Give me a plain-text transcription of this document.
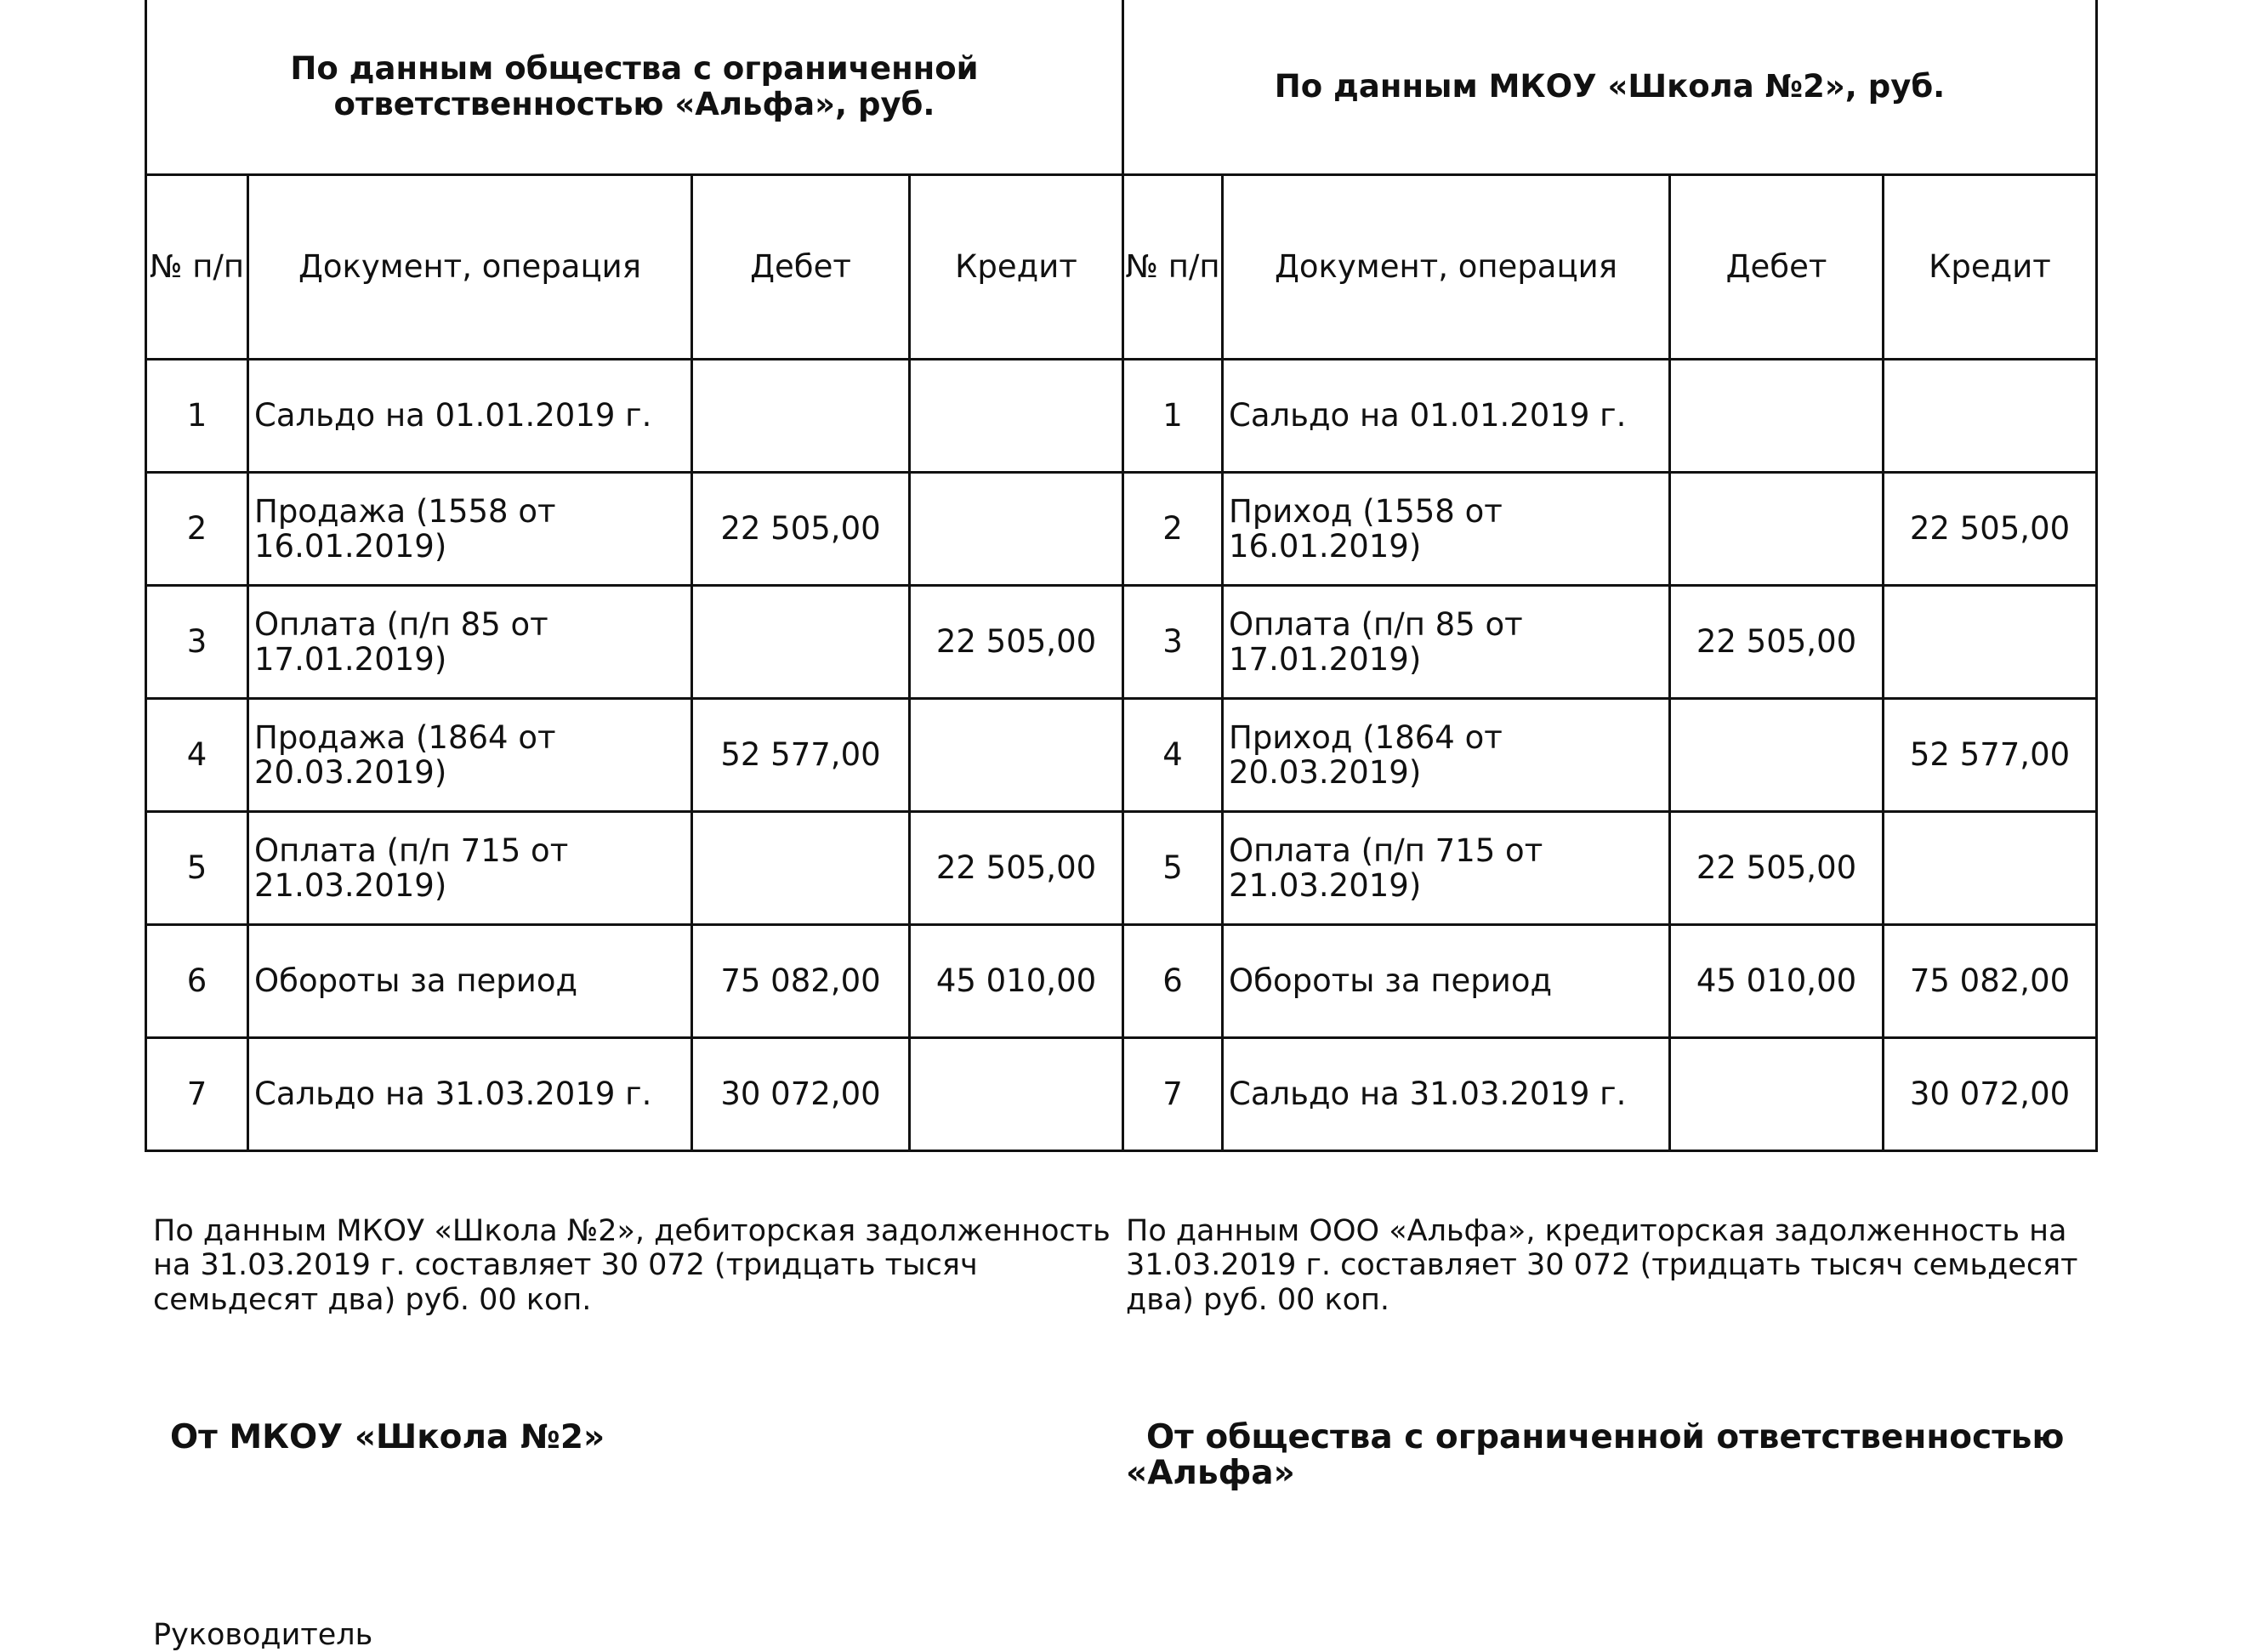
По данным общества с ограниченной ответственностью «Альфа», руб.				По данным МКОУ «Школа №2», руб.			
№ п/п	Документ, операция	Дебет	Кредит	№ п/п	Документ, операция	Дебет	Кредит
1	Сальдо на 01.01.2019 г.			1	Сальдо на 01.01.2019 г.		
2	Продажа (1558 от 16.01.2019)	22 505,00		2	Приход (1558 от 16.01.2019)		22 505,00
3	Оплата (п/п 85 от 17.01.2019)		22 505,00	3	Оплата (п/п 85 от 17.01.2019)	22 505,00	
4	Продажа (1864 от 20.03.2019)	52 577,00		4	Приход (1864 от 20.03.2019)		52 577,00
5	Оплата (п/п 715 от 21.03.2019)		22 505,00	5	Оплата (п/п 715 от 21.03.2019)	22 505,00	
6	Обороты за период	75 082,00	45 010,00	6	Обороты за период	45 010,00	75 082,00
7	Сальдо на 31.03.2019 г.	30 072,00		7	Сальдо на 31.03.2019 г.		30 072,00
По данным МКОУ «Школа №2», дебиторская задолженность на 31.03.2019 г. составляет 30 072 (тридцать тысяч семьдесят два) руб. 00 коп.
По данным ООО «Альфа», кредиторская задолженность на 31.03.2019 г. составляет 30 072 (тридцать тысяч семьдесят два) руб. 00 коп.
От МКОУ «Школа №2»	От общества с ограниченной ответственностью «Альфа»
Руководитель
